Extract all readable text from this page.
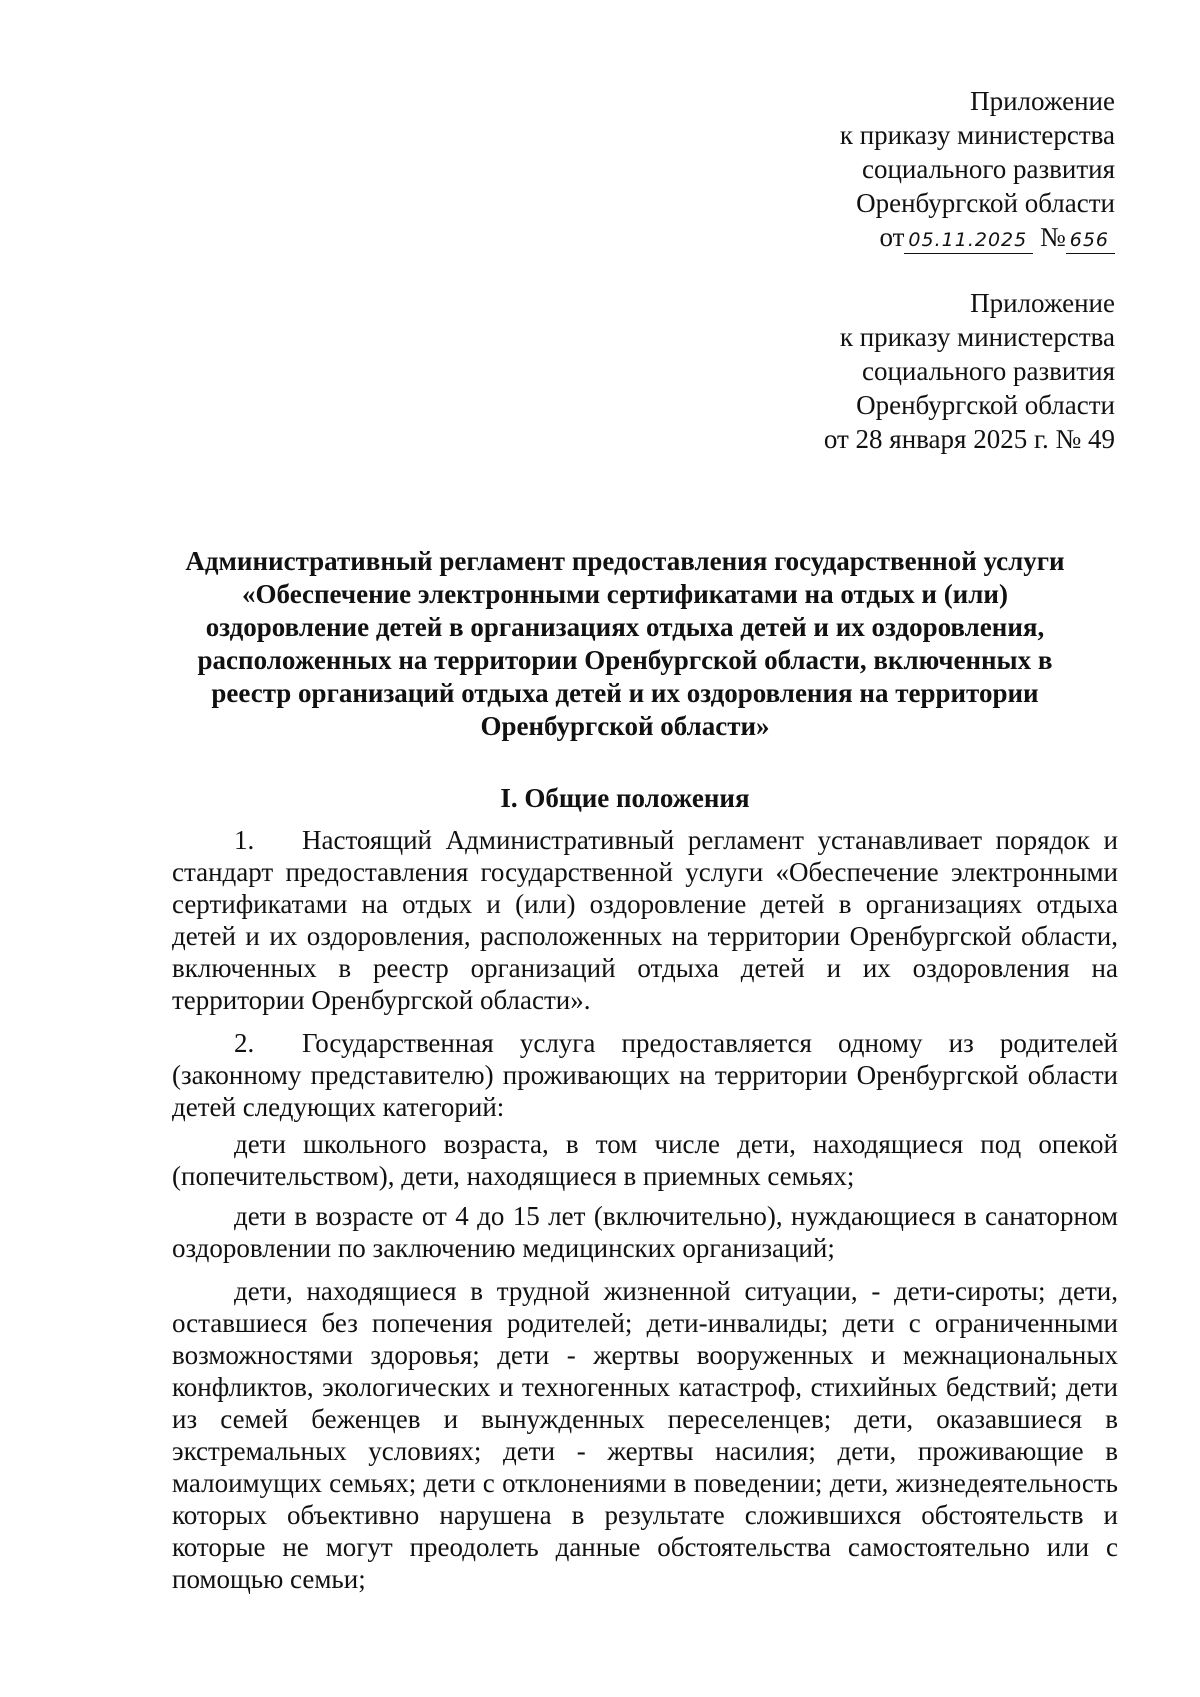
Приложение
к приказу министерства
социального развития
Оренбургской области
от 05.11.2025 № 656
Приложение
к приказу министерства
социального развития
Оренбургской области
от 28 января 2025 г. № 49
Административный регламент предоставления государственной услуги
«Обеспечение электронными сертификатами на отдых и (или)
оздоровление детей в организациях отдыха детей и их оздоровления,
расположенных на территории Оренбургской области, включенных в
реестр организаций отдыха детей и их оздоровления на территории
Оренбургской области»
I. Общие положения

1. Настоящий Административный регламент устанавливает порядок и стандарт предоставления государственной услуги «Обеспечение электронными сертификатами на отдых и (или) оздоровление детей в организациях отдыха детей и их оздоровления, расположенных на территории Оренбургской области, включенных в реестр организаций отдыха детей и их оздоровления на территории Оренбургской области».

2. Государственная услуга предоставляется одному из родителей (законному представителю) проживающих на территории Оренбургской области детей следующих категорий:

дети школьного возраста, в том числе дети, находящиеся под опекой (попечительством), дети, находящиеся в приемных семьях;

дети в возрасте от 4 до 15 лет (включительно), нуждающиеся в санаторном оздоровлении по заключению медицинских организаций;

дети, находящиеся в трудной жизненной ситуации, - дети-сироты; дети, оставшиеся без попечения родителей; дети-инвалиды; дети с ограниченными возможностями здоровья; дети - жертвы вооруженных и межнациональных конфликтов, экологических и техногенных катастроф, стихийных бедствий; дети из семей беженцев и вынужденных переселенцев; дети, оказавшиеся в экстремальных условиях; дети - жертвы насилия; дети, проживающие в малоимущих семьях; дети с отклонениями в поведении; дети, жизнедеятельность которых объективно нарушена в результате сложившихся обстоятельств и которые не могут преодолеть данные обстоятельства самостоятельно или с помощью семьи;
